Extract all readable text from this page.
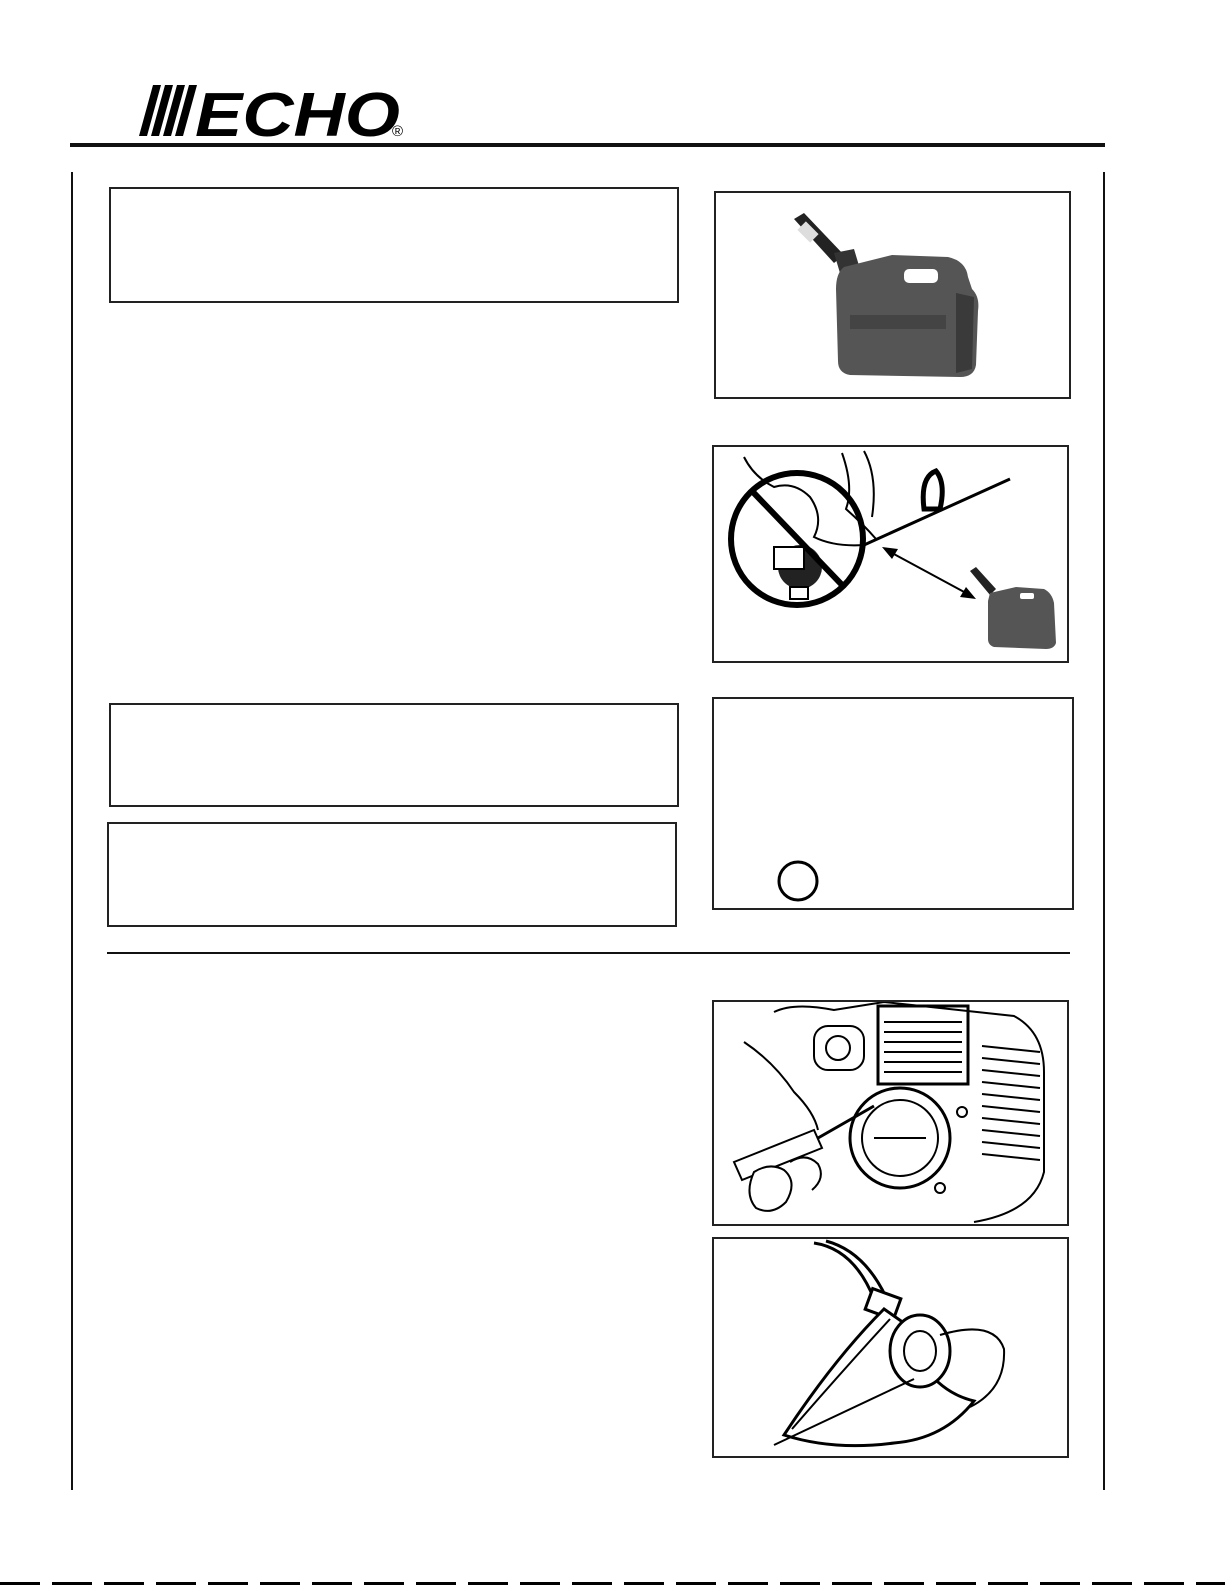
ECHO
®
